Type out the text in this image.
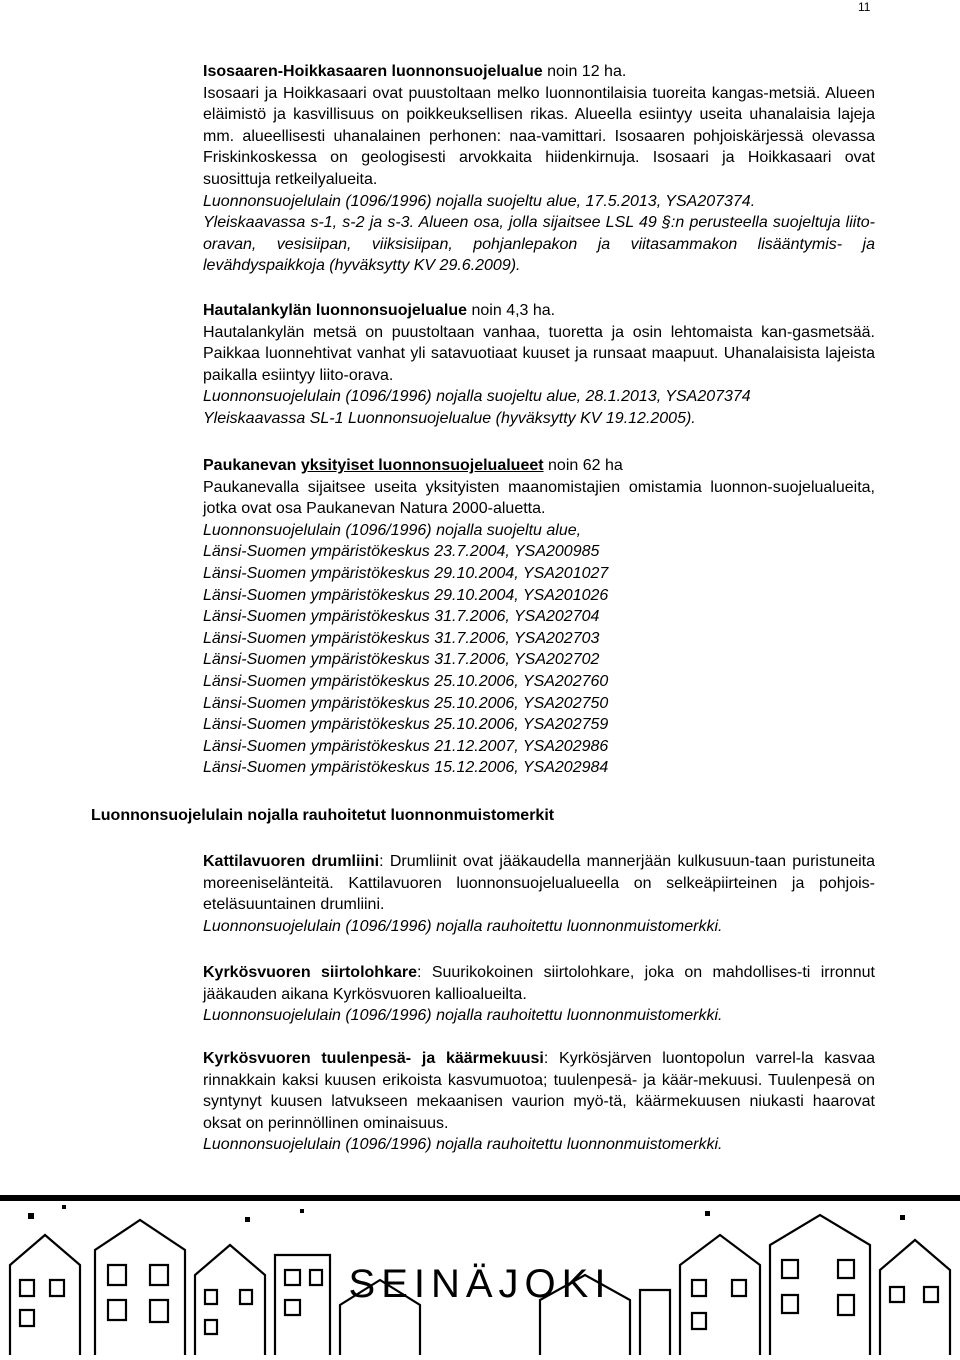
11

Isosaaren-Hoikkasaaren luonnonsuojelualue noin 12 ha.

Isosaari ja Hoikkasaari ovat puustoltaan melko luonnontilaisia tuoreita kangas-metsiä. Alueen eläimistö ja kasvillisuus on poikkeuksellisen rikas. Alueella esiintyy useita uhanalaisia lajeja mm. alueellisesti uhanalainen perhonen: naa-vamittari. Isosaaren pohjoiskärjessä olevassa Friskinkoskessa on geologisesti arvokkaita hiidenkirnuja. Isosaari ja Hoikkasaari ovat suosittuja retkeilyalueita.

Luonnonsuojelulain (1096/1996) nojalla suojeltu alue, 17.5.2013, YSA207374.

Yleiskaavassa s-1, s-2 ja s-3. Alueen osa, jolla sijaitsee LSL 49 §:n perusteella suojeltuja liito-oravan, vesisiipan, viiksisiipan, pohjanlepakon ja viitasammakon lisääntymis- ja levähdyspaikkoja (hyväksytty KV 29.6.2009).

Hautalankylän luonnonsuojelualue noin 4,3 ha.

Hautalankylän metsä on puustoltaan vanhaa, tuoretta ja osin lehtomaista kan-gasmetsää. Paikkaa luonnehtivat vanhat yli satavuotiaat kuuset ja runsaat maapuut. Uhanalaisista lajeista paikalla esiintyy liito-orava.

Luonnonsuojelulain (1096/1996) nojalla suojeltu alue, 28.1.2013, YSA207374

Yleiskaavassa SL-1 Luonnonsuojelualue (hyväksytty KV 19.12.2005).

Paukanevan yksityiset luonnonsuojelualueet noin 62 ha

Paukanevalla sijaitsee useita yksityisten maanomistajien omistamia luonnon-suojelualueita, jotka ovat osa Paukanevan Natura 2000-aluetta.

Luonnonsuojelulain (1096/1996) nojalla suojeltu alue,

Länsi-Suomen ympäristökeskus 23.7.2004, YSA200985

Länsi-Suomen ympäristökeskus 29.10.2004, YSA201027

Länsi-Suomen ympäristökeskus 29.10.2004, YSA201026

Länsi-Suomen ympäristökeskus 31.7.2006, YSA202704

Länsi-Suomen ympäristökeskus 31.7.2006, YSA202703

Länsi-Suomen ympäristökeskus 31.7.2006, YSA202702

Länsi-Suomen ympäristökeskus 25.10.2006, YSA202760

Länsi-Suomen ympäristökeskus 25.10.2006, YSA202750

Länsi-Suomen ympäristökeskus 25.10.2006, YSA202759

Länsi-Suomen ympäristökeskus 21.12.2007, YSA202986

Länsi-Suomen ympäristökeskus 15.12.2006, YSA202984

Luonnonsuojelulain nojalla rauhoitetut luonnonmuistomerkit

Kattilavuoren drumliini: Drumliinit ovat jääkaudella mannerjään kulkusuun-taan puristuneita moreeniselänteitä. Kattilavuoren luonnonsuojelualueella on selkeäpiirteinen ja pohjois-eteläsuuntainen drumliini.

Luonnonsuojelulain (1096/1996) nojalla rauhoitettu luonnonmuistomerkki.

Kyrkösvuoren siirtolohkare: Suurikokoinen siirtolohkare, joka on mahdollises-ti irronnut jääkauden aikana Kyrkösvuoren kallioalueilta.

Luonnonsuojelulain (1096/1996) nojalla rauhoitettu luonnonmuistomerkki.

Kyrkösvuoren tuulenpesä- ja käärmekuusi: Kyrkösjärven luontopolun varrel-la kasvaa rinnakkain kaksi kuusen erikoista kasvumuotoa; tuulenpesä- ja käär-mekuusi. Tuulenpesä on syntynyt kuusen latvukseen mekaanisen vaurion myö-tä, käärmekuusen niukasti haarovat oksat on perinnöllinen ominaisuus.

Luonnonsuojelulain (1096/1996) nojalla rauhoitettu luonnonmuistomerkki.

SEINÄJOKI
